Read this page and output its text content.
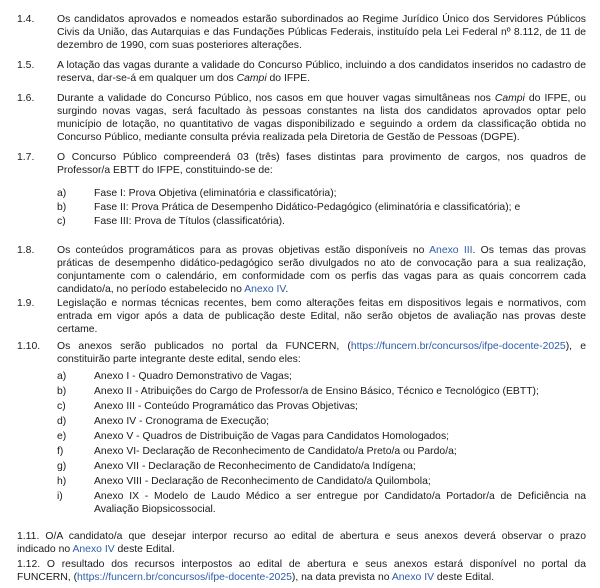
1.4. Os candidatos aprovados e nomeados estarão subordinados ao Regime Jurídico Único dos Servidores Públicos
Civis da União, das Autarquias e das Fundações Públicas Federais, instituído pela Lei Federal nº 8.112, de 11 de
dezembro de 1990, com suas posteriores alterações.
1.5. A lotação das vagas durante a validade do Concurso Público, incluindo a dos candidatos inseridos no cadastro de
reserva, dar-se-á em qualquer um dos Campi do IFPE.
1.6. Durante a validade do Concurso Público, nos casos em que houver vagas simultâneas nos Campi do IFPE, ou
surgindo novas vagas, será facultado às pessoas constantes na lista dos candidatos aprovados optar pelo
município de lotação, no quantitativo de vagas disponibilizado e seguindo a ordem da classificação obtida no
Concurso Público, mediante consulta prévia realizada pela Diretoria de Gestão de Pessoas (DGPE).
1.7. O Concurso Público compreenderá 03 (três) fases distintas para provimento de cargos, nos quadros de
Professor/a EBTT do IFPE, constituindo-se de:
a)	Fase I: Prova Objetiva (eliminatória e classificatória);
b)	Fase II: Prova Prática de Desempenho Didático-Pedagógico (eliminatória e classificatória); e
c)	Fase III: Prova de Títulos (classificatória).
1.8. Os conteúdos programáticos para as provas objetivas estão disponíveis no Anexo III. Os temas das provas
práticas de desempenho didático-pedagógico serão divulgados no ato de convocação para a sua realização,
conjuntamente com o calendário, em conformidade com os perfis das vagas para as quais concorrem cada
candidato/a, no período estabelecido no Anexo IV.
1.9. Legislação e normas técnicas recentes, bem como alterações feitas em dispositivos legais e normativos, com
entrada em vigor após a data de publicação deste Edital, não serão objetos de avaliação nas provas deste
certame.
1.10. Os anexos serão publicados no portal da FUNCERN, (https://funcern.br/concursos/ifpe-docente-2025), e
constituirão parte integrante deste edital, sendo eles:
a)	Anexo I - Quadro Demonstrativo de Vagas;
b)	Anexo II - Atribuições do Cargo de Professor/a de Ensino Básico, Técnico e Tecnológico (EBTT);
c)	Anexo III - Conteúdo Programático das Provas Objetivas;
d)	Anexo IV - Cronograma de Execução;
e)	Anexo V - Quadros de Distribuição de Vagas para Candidatos Homologados;
f)	Anexo VI- Declaração de Reconhecimento de Candidato/a Preto/a ou Pardo/a;
g)	Anexo VII - Declaração de Reconhecimento de Candidato/a Indígena;
h)	Anexo VIII - Declaração de Reconhecimento de Candidato/a Quilombola;
i)	Anexo IX - Modelo de Laudo Médico a ser entregue por Candidato/a Portador/a de Deficiência na
Avaliação Biopsicossocial.
1.11. O/A candidato/a que desejar interpor recurso ao edital de abertura e seus anexos deverá observar o prazo
indicado no Anexo IV deste Edital.
1.12. O resultado dos recursos interpostos ao edital de abertura e seus anexos estará disponível no portal da
FUNCERN, (https://funcern.br/concursos/ifpe-docente-2025), na data prevista no Anexo IV deste Edital.
